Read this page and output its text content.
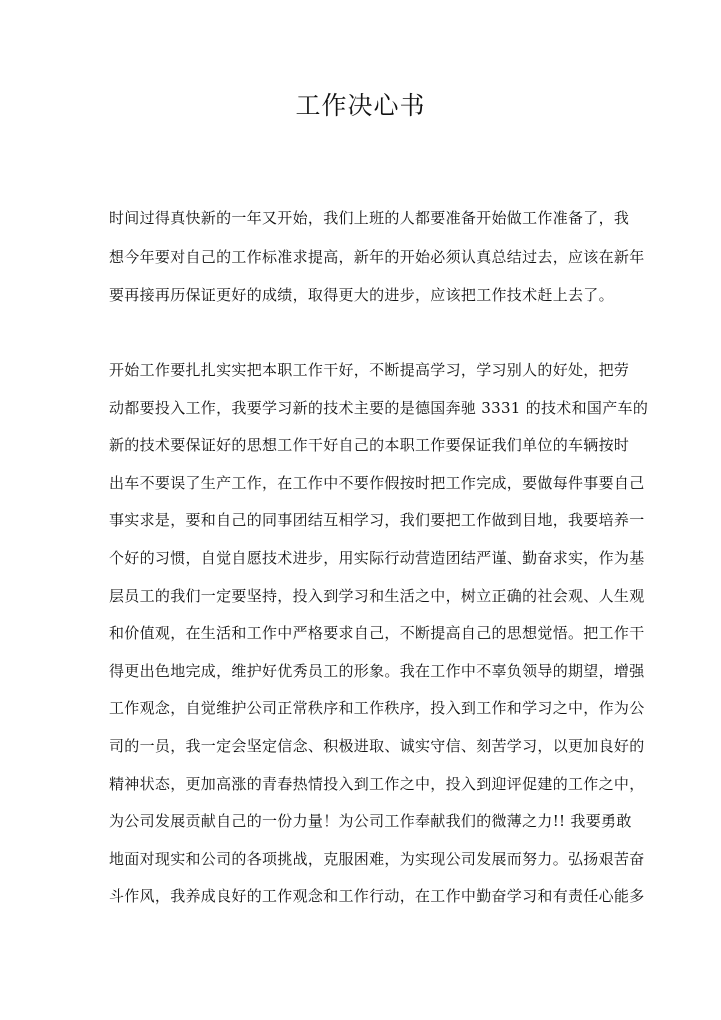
工作决心书
时间过得真快新的一年又开始，我们上班的人都要准备开始做工作准备了，我
想今年要对自己的工作标准求提高，新年的开始必须认真总结过去，应该在新年
要再接再历保证更好的成绩，取得更大的进步，应该把工作技术赶上去了。
开始工作要扎扎实实把本职工作干好，不断提高学习，学习别人的好处，把劳
动都要投入工作，我要学习新的技术主要的是德国奔驰 3331 的技术和国产车的
新的技术要保证好的思想工作干好自己的本职工作要保证我们单位的车辆按时
出车不要误了生产工作，在工作中不要作假按时把工作完成，要做每件事要自己
事实求是，要和自己的同事团结互相学习，我们要把工作做到目地，我要培养一
个好的习惯，自觉自愿技术进步，用实际行动营造团结严谨、勤奋求实，作为基
层员工的我们一定要坚持，投入到学习和生活之中，树立正确的社会观、人生观
和价值观，在生活和工作中严格要求自己，不断提高自己的思想觉悟。把工作干
得更出色地完成，维护好优秀员工的形象。我在工作中不辜负领导的期望，增强
工作观念，自觉维护公司正常秩序和工作秩序，投入到工作和学习之中，作为公
司的一员，我一定会坚定信念、积极进取、诚实守信、刻苦学习，以更加良好的
精神状态，更加高涨的青春热情投入到工作之中，投入到迎评促建的工作之中，
为公司发展贡献自己的一份力量！为公司工作奉献我们的微薄之力!! 我要勇敢
地面对现实和公司的各项挑战，克服困难，为实现公司发展而努力。弘扬艰苦奋
斗作风，我养成良好的工作观念和工作行动，在工作中勤奋学习和有责任心能多
